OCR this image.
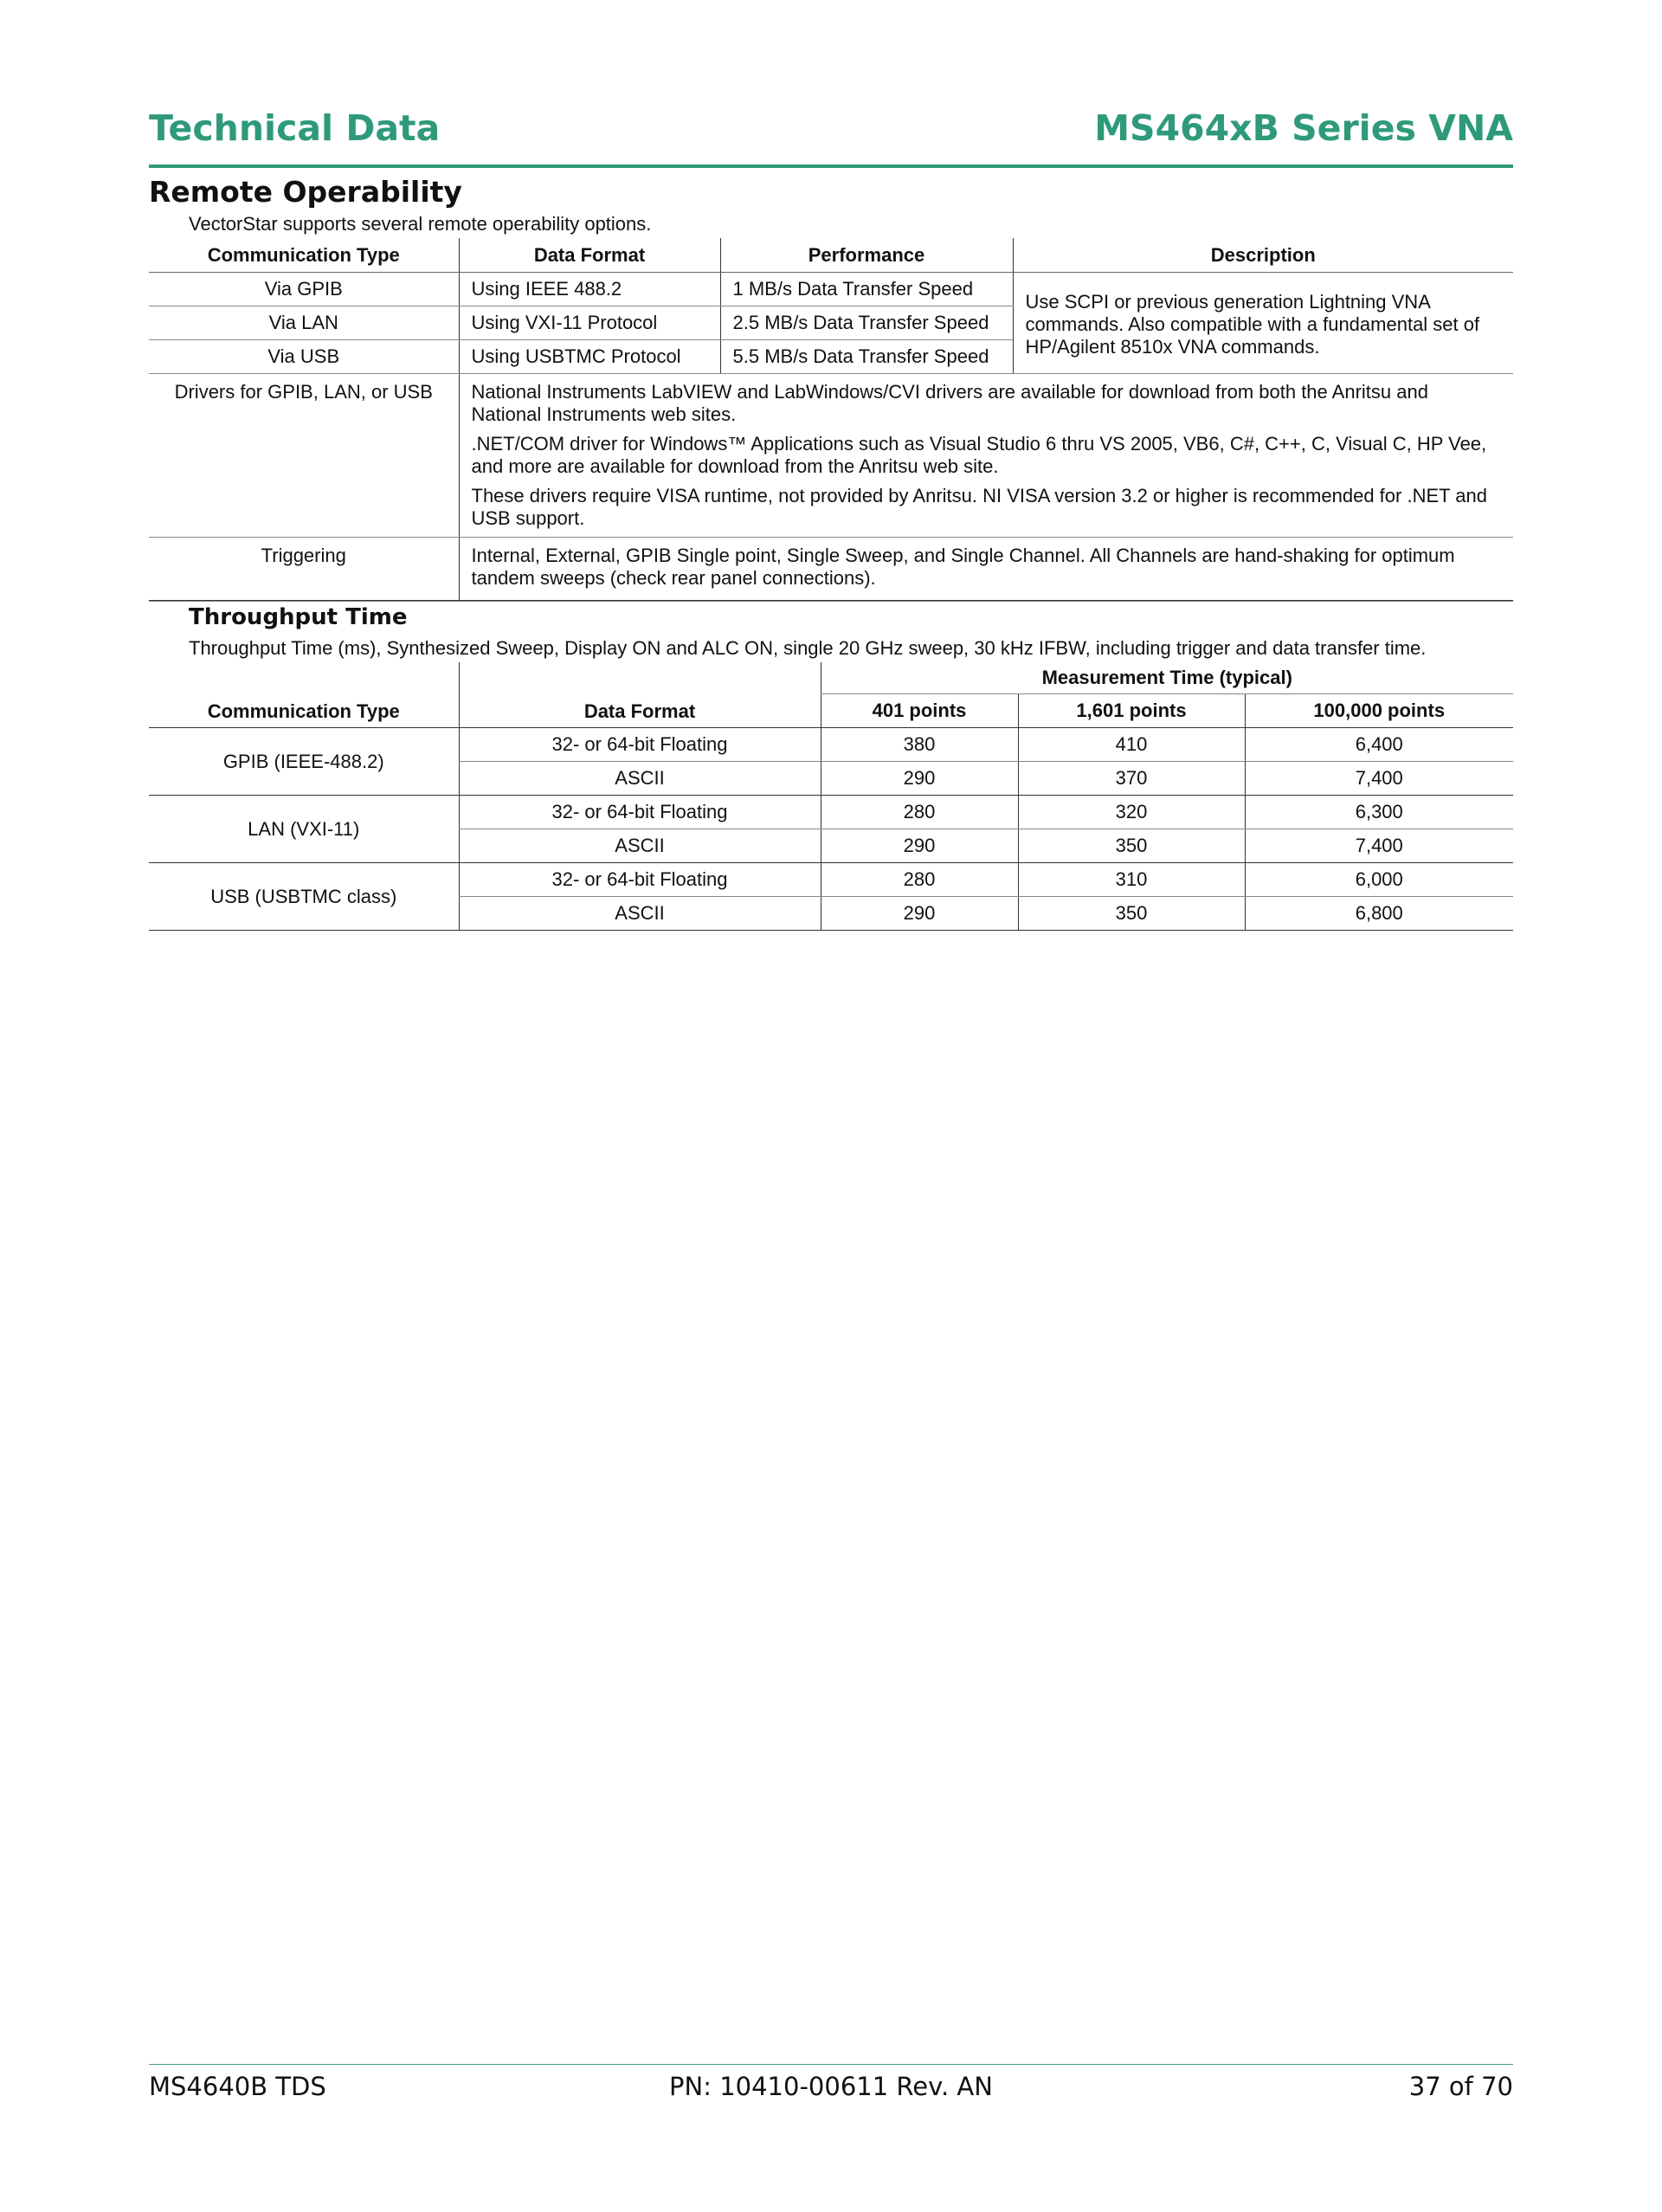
Technical Data	MS464xB Series VNA
Remote Operability
VectorStar supports several remote operability options.
Communication Type	Data Format	Performance	Description
Via GPIB	Using IEEE 488.2	1 MB/s Data Transfer Speed	Use SCPI or previous generation Lightning VNA commands. Also compatible with a fundamental set of HP/Agilent 8510x VNA commands.
Via LAN	Using VXI-11 Protocol	2.5 MB/s Data Transfer Speed	
Via USB	Using USBTMC Protocol	5.5 MB/s Data Transfer Speed	
Drivers for GPIB, LAN, or USB	National Instruments LabVIEW and LabWindows/CVI drivers are available for download from both the Anritsu and National Instruments web sites.

.NET/COM driver for Windows™ Applications such as Visual Studio 6 thru VS 2005, VB6, C#, C++, C, Visual C, HP Vee, and more are available for download from the Anritsu web site.

These drivers require VISA runtime, not provided by Anritsu. NI VISA version 3.2 or higher is recommended for .NET and USB support.		

Triggering	Internal, External, GPIB Single point, Single Sweep, and Single Channel. All Channels are hand-shaking for optimum tandem sweeps (check rear panel connections).		
Throughput Time
Throughput Time (ms), Synthesized Sweep, Display ON and ALC ON, single 20 GHz sweep, 30 kHz IFBW, including trigger and data transfer time.
Communication Type	Data Format	Measurement Time (typical)		
		401 points	1,601 points	100,000 points
GPIB (IEEE-488.2)	32- or 64-bit Floating	380	410	6,400
	ASCII	290	370	7,400
LAN (VXI-11)	32- or 64-bit Floating	280	320	6,300
	ASCII	290	350	7,400
USB (USBTMC class)	32- or 64-bit Floating	280	310	6,000
	ASCII	290	350	6,800
MS4640B TDS	PN: 10410-00611 Rev. AN	37 of 70
